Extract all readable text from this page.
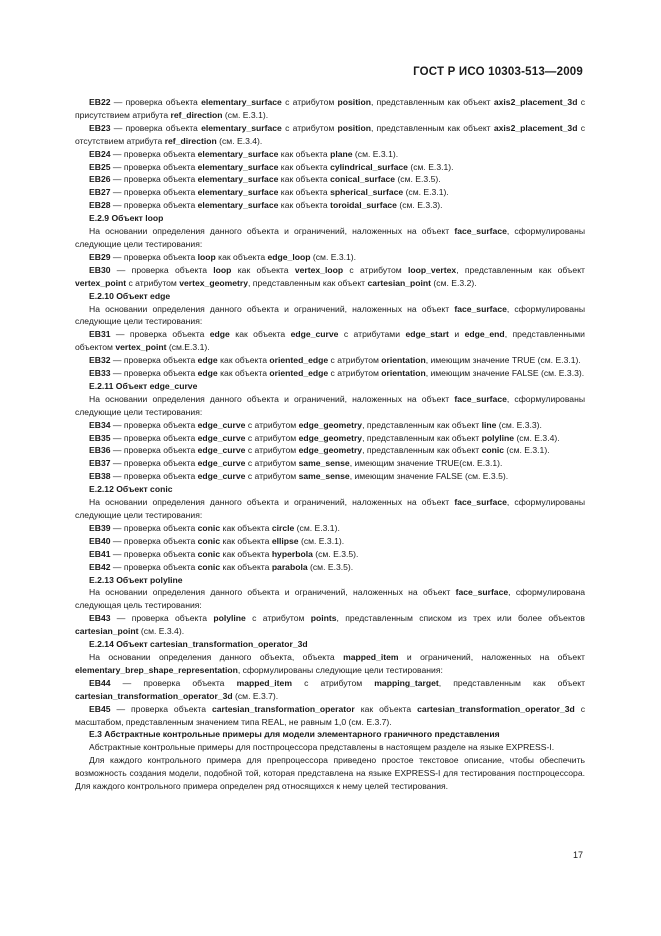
ГОСТ Р ИСО 10303-513—2009

EB22 — проверка объекта elementary_surface с атрибутом position, представленным как объект axis2_placement_3d с присутствием атрибута ref_direction (см. E.3.1).

EB23 — проверка объекта elementary_surface с атрибутом position, представленным как объект axis2_placement_3d с отсутствием атрибута ref_direction (см. E.3.4).

EB24 — проверка объекта elementary_surface как объекта plane (см. E.3.1).

EB25 — проверка объекта elementary_surface как объекта cylindrical_surface (см. E.3.1).

EB26 — проверка объекта elementary_surface как объекта conical_surface (см. E.3.5).

EB27 — проверка объекта elementary_surface как объекта spherical_surface (см. E.3.1).

EB28 — проверка объекта elementary_surface как объекта toroidal_surface (см. E.3.3).

E.2.9 Объект loop

На основании определения данного объекта и ограничений, наложенных на объект face_surface, сформулированы следующие цели тестирования:

EB29 — проверка объекта loop как объекта edge_loop (см. E.3.1).

EB30 — проверка объекта loop как объекта vertex_loop с атрибутом loop_vertex, представленным как объект vertex_point с атрибутом vertex_geometry, представленным как объект cartesian_point (см. E.3.2).

E.2.10 Объект edge

На основании определения данного объекта и ограничений, наложенных на объект face_surface, сформулированы следующие цели тестирования:

EB31 — проверка объекта edge как объекта edge_curve с атрибутами edge_start и edge_end, представленными объектом vertex_point (см.E.3.1).

EB32 — проверка объекта edge как объекта oriented_edge с атрибутом orientation, имеющим значение TRUE (см. E.3.1).

EB33 — проверка объекта edge как объекта oriented_edge с атрибутом orientation, имеющим значение FALSE (см. E.3.3).

E.2.11 Объект edge_curve

На основании определения данного объекта и ограничений, наложенных на объект face_surface, сформулированы следующие цели тестирования:

EB34 — проверка объекта edge_curve с атрибутом edge_geometry, представленным как объект line (см. E.3.3).

EB35 — проверка объекта edge_curve с атрибутом edge_geometry, представленным как объект polyline (см. E.3.4).

EB36 — проверка объекта edge_curve с атрибутом edge_geometry, представленным как объект conic (см. E.3.1).

EB37 — проверка объекта edge_curve с атрибутом same_sense, имеющим значение TRUE(см. E.3.1).

EB38 — проверка объекта edge_curve с атрибутом same_sense, имеющим значение FALSE (см. E.3.5).

E.2.12 Объект conic

На основании определения данного объекта и ограничений, наложенных на объект face_surface, сформулированы следующие цели тестирования:

EB39 — проверка объекта conic как объекта circle (см. E.3.1).

EB40 — проверка объекта conic как объекта ellipse (см. E.3.1).

EB41 — проверка объекта conic как объекта hyperbola (см. E.3.5).

EB42 — проверка объекта conic как объекта parabola (см. E.3.5).

E.2.13 Объект polyline

На основании определения данного объекта и ограничений, наложенных на объект face_surface, сформулирована следующая цель тестирования:

EB43 — проверка объекта polyline с атрибутом points, представленным списком из трех или более объектов cartesian_point (см. E.3.4).

E.2.14 Объект cartesian_transformation_operator_3d

На основании определения данного объекта, объекта mapped_item и ограничений, наложенных на объект elementary_brep_shape_representation, сформулированы следующие цели тестирования:

EB44 — проверка объекта mapped_item с атрибутом mapping_target, представленным как объект cartesian_transformation_operator_3d (см. E.3.7).

EB45 — проверка объекта cartesian_transformation_operator как объекта cartesian_transformation_operator_3d с масштабом, представленным значением типа REAL, не равным 1,0 (см. E.3.7).

E.3 Абстрактные контрольные примеры для модели элементарного граничного представления

Абстрактные контрольные примеры для постпроцессора представлены в настоящем разделе на языке EXPRESS-I.

Для каждого контрольного примера для препроцессора приведено простое текстовое описание, чтобы обеспечить возможность создания модели, подобной той, которая представлена на языке EXPRESS-I для тестирования постпроцессора. Для каждого контрольного примера определен ряд относящихся к нему целей тестирования.

17
